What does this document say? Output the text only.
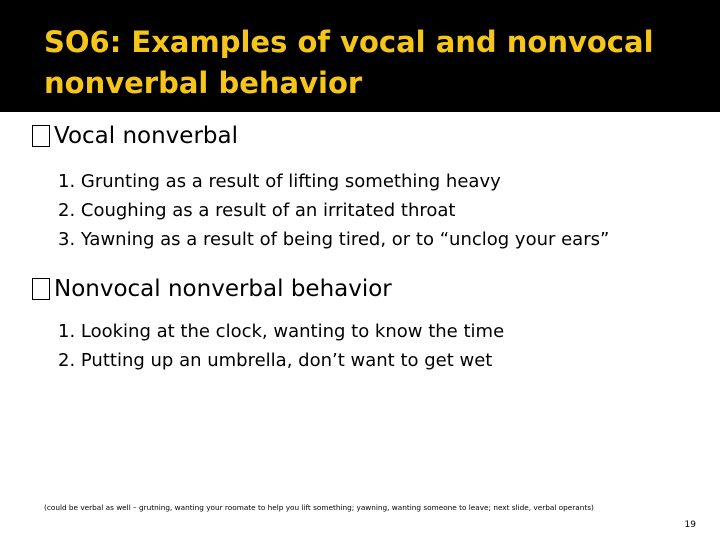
SO6: Examples of vocal and nonvocal nonverbal behavior
Vocal nonverbal
1. Grunting as a result of lifting something heavy
2. Coughing as a result of an irritated throat
3. Yawning as a result of being tired, or to “unclog your ears”
Nonvocal nonverbal behavior
1. Looking at the clock, wanting to know the time
2. Putting up an umbrella, don’t want to get wet
(could be verbal as well – grutning, wanting your roomate to help you lift something; yawning, wanting someone to leave; next slide, verbal operants)
19
